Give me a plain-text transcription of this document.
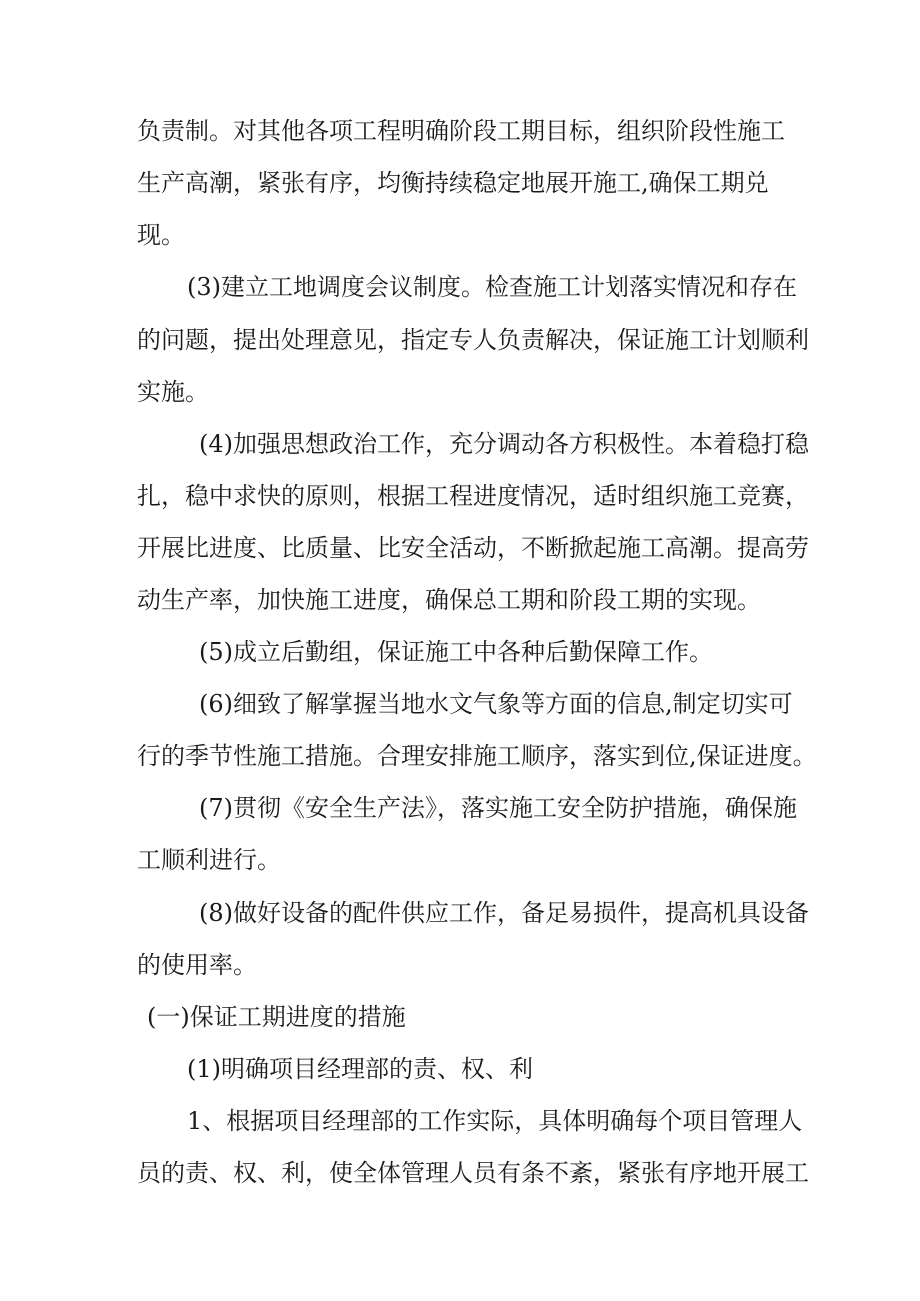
负责制。对其他各项工程明确阶段工期目标，组织阶段性施工
生产高潮，紧张有序，均衡持续稳定地展开施工,确保工期兑
现。
(3)建立工地调度会议制度。检查施工计划落实情况和存在
的问题，提出处理意见，指定专人负责解决，保证施工计划顺利
实施。
(4)加强思想政治工作，充分调动各方积极性。本着稳打稳
扎，稳中求快的原则，根据工程进度情况，适时组织施工竞赛，
开展比进度、比质量、比安全活动，不断掀起施工高潮。提高劳
动生产率，加快施工进度，确保总工期和阶段工期的实现。
(5)成立后勤组，保证施工中各种后勤保障工作。
(6)细致了解掌握当地水文气象等方面的信息,制定切实可
行的季节性施工措施。合理安排施工顺序，落实到位,保证进度。
(7)贯彻《安全生产法》，落实施工安全防护措施，确保施
工顺利进行。
(8)做好设备的配件供应工作，备足易损件，提高机具设备
的使用率。
(一)保证工期进度的措施
(1)明确项目经理部的责、权、利
1、根据项目经理部的工作实际，具体明确每个项目管理人
员的责、权、利，使全体管理人员有条不紊，紧张有序地开展工
